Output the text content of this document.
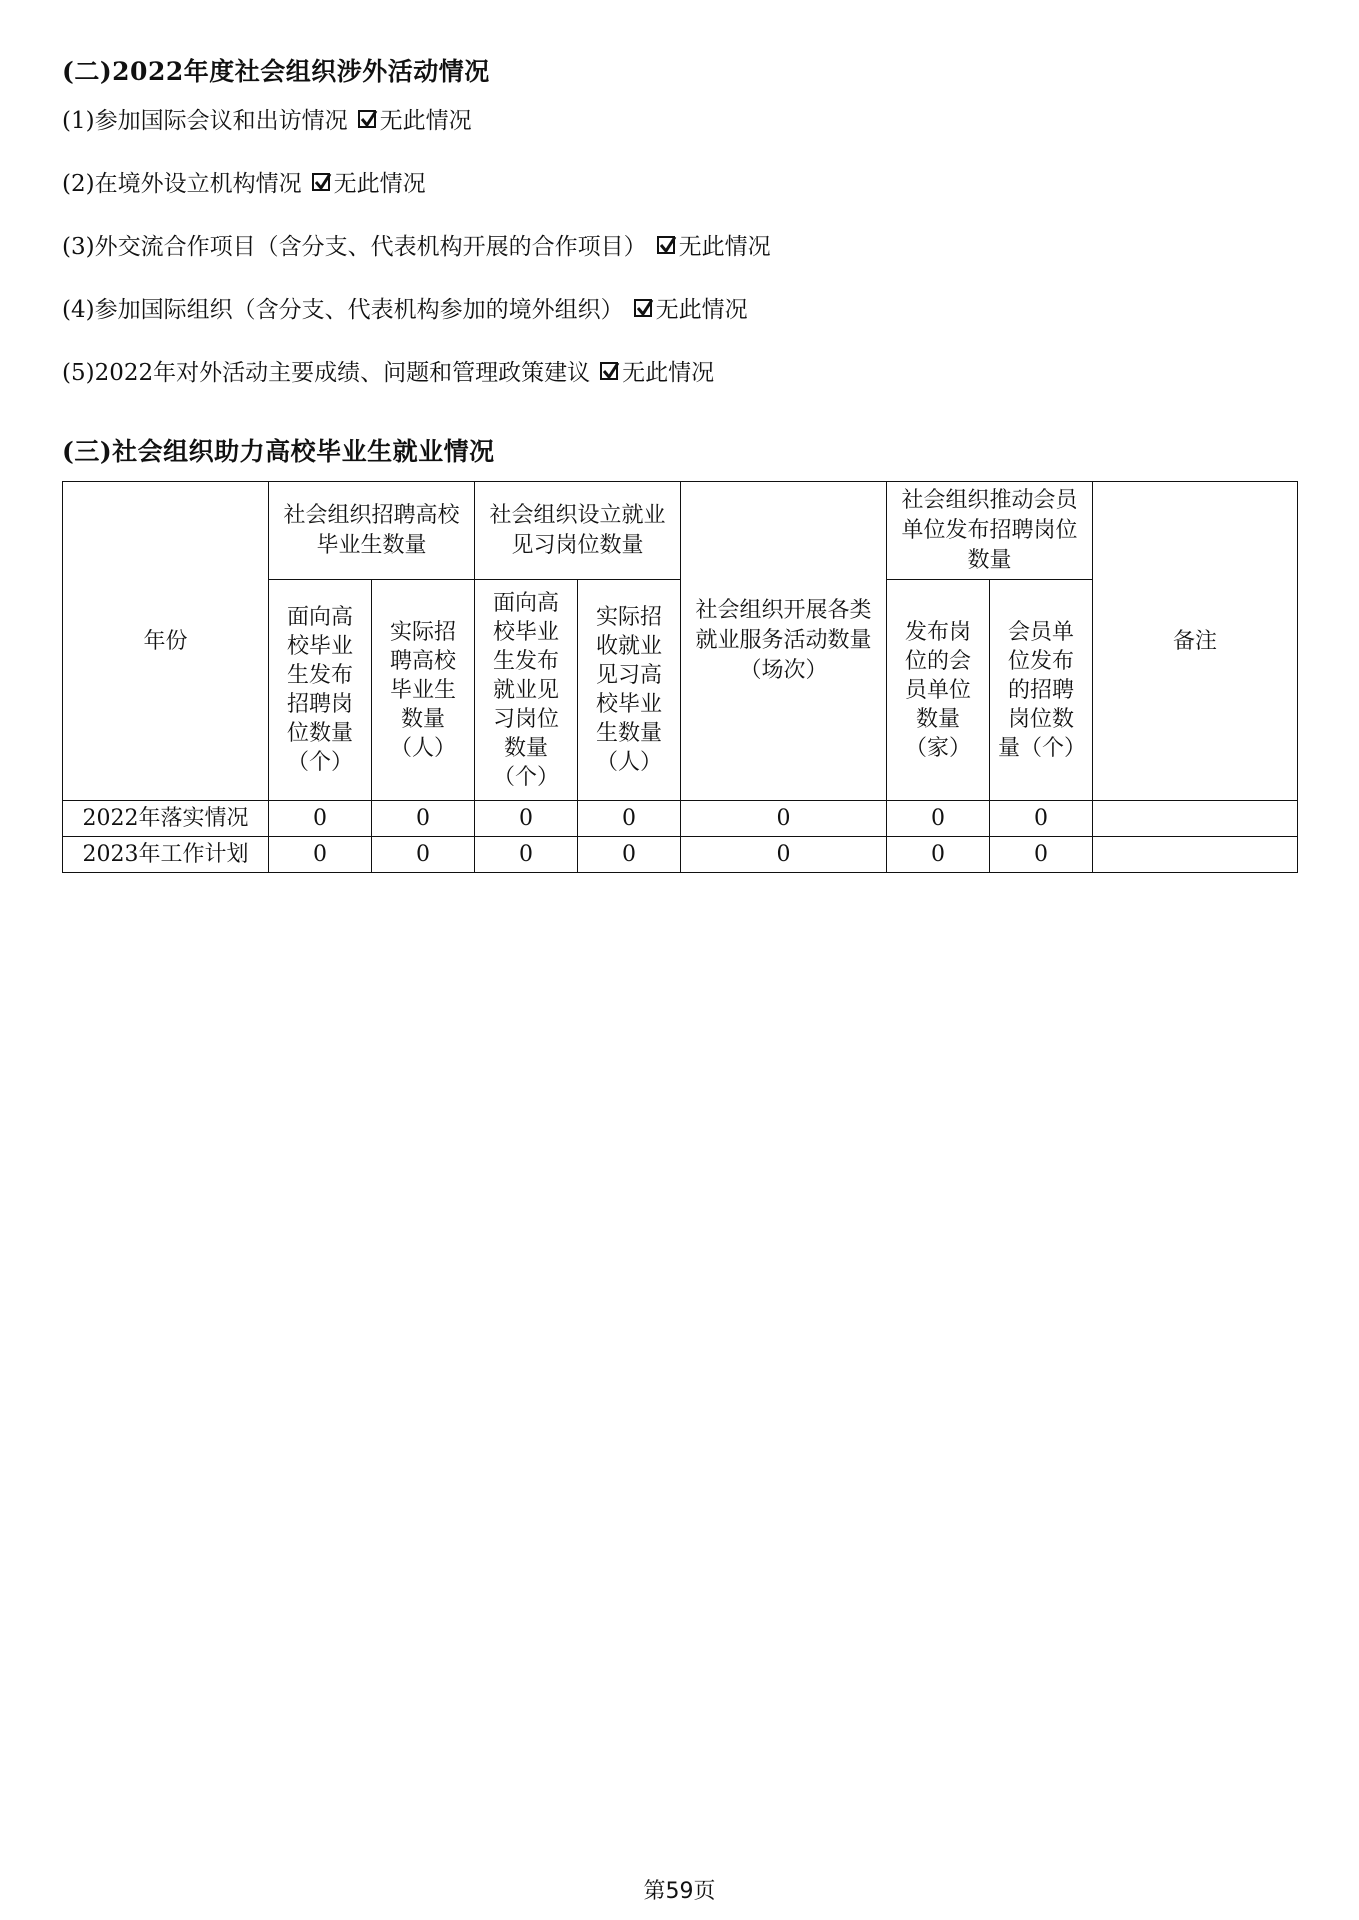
(二)2022年度社会组织涉外活动情况
(1)参加国际会议和出访情况 无此情况
(2)在境外设立机构情况 无此情况
(3)外交流合作项目（含分支、代表机构开展的合作项目） 无此情况
(4)参加国际组织（含分支、代表机构参加的境外组织） 无此情况
(5)2022年对外活动主要成绩、问题和管理政策建议 无此情况
(三)社会组织助力高校毕业生就业情况
年份	社会组织招聘高校毕业生数量		社会组织设立就业见习岗位数量		社会组织开展各类就业服务活动数量（场次）	社会组织推动会员单位发布招聘岗位数量		备注
	面向高校毕业生发布招聘岗位数量（个）	实际招聘高校毕业生数量（人）	面向高校毕业生发布就业见习岗位数量（个）	实际招收就业见习高校毕业生数量（人）		发布岗位的会员单位数量（家）	会员单位发布的招聘岗位数量（个）	
2022年落实情况	0	0	0	0	0	0	0	
2023年工作计划	0	0	0	0	0	0	0	
第59页
